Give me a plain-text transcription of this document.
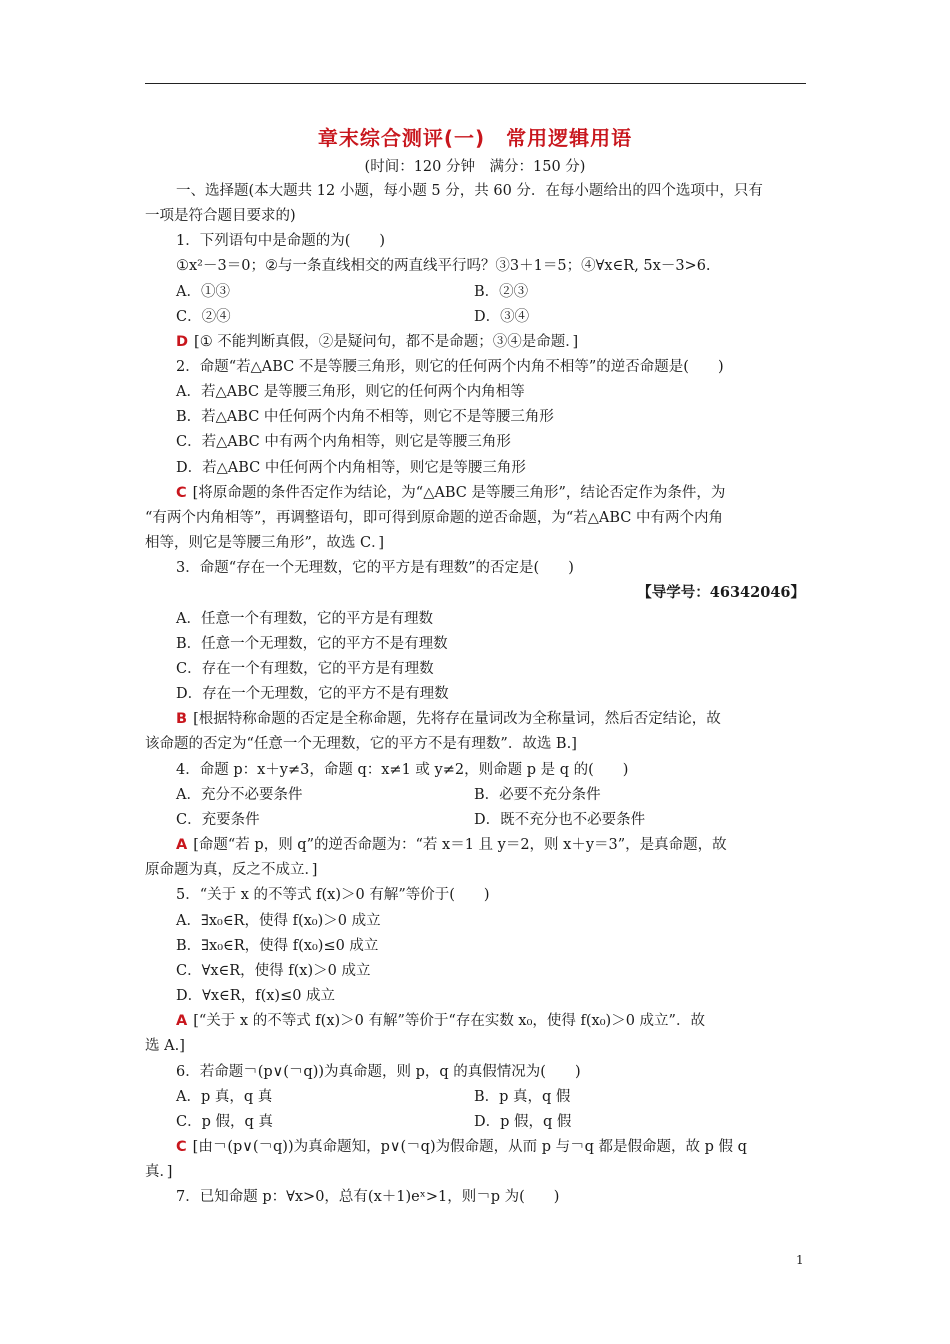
章末综合测评(一)　常用逻辑用语
(时间：120 分钟　满分：150 分)
一、选择题(本大题共 12 小题，每小题 5 分，共 60 分．在每小题给出的四个选项中，只有
一项是符合题目要求的)
1．下列语句中是命题的为(　　)
①x²－3＝0；②与一条直线相交的两直线平行吗？③3＋1＝5；④∀x∈R, 5x－3>6.
A．①③	B．②③
C．②④	D．③④
D [① 不能判断真假，②是疑问句，都不是命题；③④是命题．]
2．命题“若△ABC 不是等腰三角形，则它的任何两个内角不相等”的逆否命题是(　　)
A．若△ABC 是等腰三角形，则它的任何两个内角相等
B．若△ABC 中任何两个内角不相等，则它不是等腰三角形
C．若△ABC 中有两个内角相等，则它是等腰三角形
D．若△ABC 中任何两个内角相等，则它是等腰三角形
C [将原命题的条件否定作为结论，为“△ABC 是等腰三角形”，结论否定作为条件，为
“有两个内角相等”，再调整语句，即可得到原命题的逆否命题，为“若△ABC 中有两个内角
相等，则它是等腰三角形”，故选 C．]
3．命题“存在一个无理数，它的平方是有理数”的否定是(　　)
【导学号：46342046】
A．任意一个有理数，它的平方是有理数
B．任意一个无理数，它的平方不是有理数
C．存在一个有理数，它的平方是有理数
D．存在一个无理数，它的平方不是有理数
B [根据特称命题的否定是全称命题，先将存在量词改为全称量词，然后否定结论，故
该命题的否定为“任意一个无理数，它的平方不是有理数”．故选 B.]
4．命题 p：x＋y≠3，命题 q：x≠1 或 y≠2，则命题 p 是 q 的(　　)
A．充分不必要条件	B．必要不充分条件
C．充要条件	D．既不充分也不必要条件
A [命题“若 p，则 q”的逆否命题为：“若 x＝1 且 y＝2，则 x＋y＝3”，是真命题，故
原命题为真，反之不成立．]
5．“关于 x 的不等式 f(x)＞0 有解”等价于(　　)
A．∃x₀∈R，使得 f(x₀)＞0 成立
B．∃x₀∈R，使得 f(x₀)≤0 成立
C．∀x∈R，使得 f(x)＞0 成立
D．∀x∈R，f(x)≤0 成立
A [“关于 x 的不等式 f(x)＞0 有解”等价于“存在实数 x₀，使得 f(x₀)＞0 成立”．故
选 A.]
6．若命题￢(p∨(￢q))为真命题，则 p，q 的真假情况为(　　)
A．p 真，q 真	B．p 真，q 假
C．p 假，q 真	D．p 假，q 假
C [由￢(p∨(￢q))为真命题知，p∨(￢q)为假命题，从而 p 与￢q 都是假命题，故 p 假 q
真．]
7．已知命题 p：∀x>0，总有(x＋1)eˣ>1，则￢p 为(　　)
1
